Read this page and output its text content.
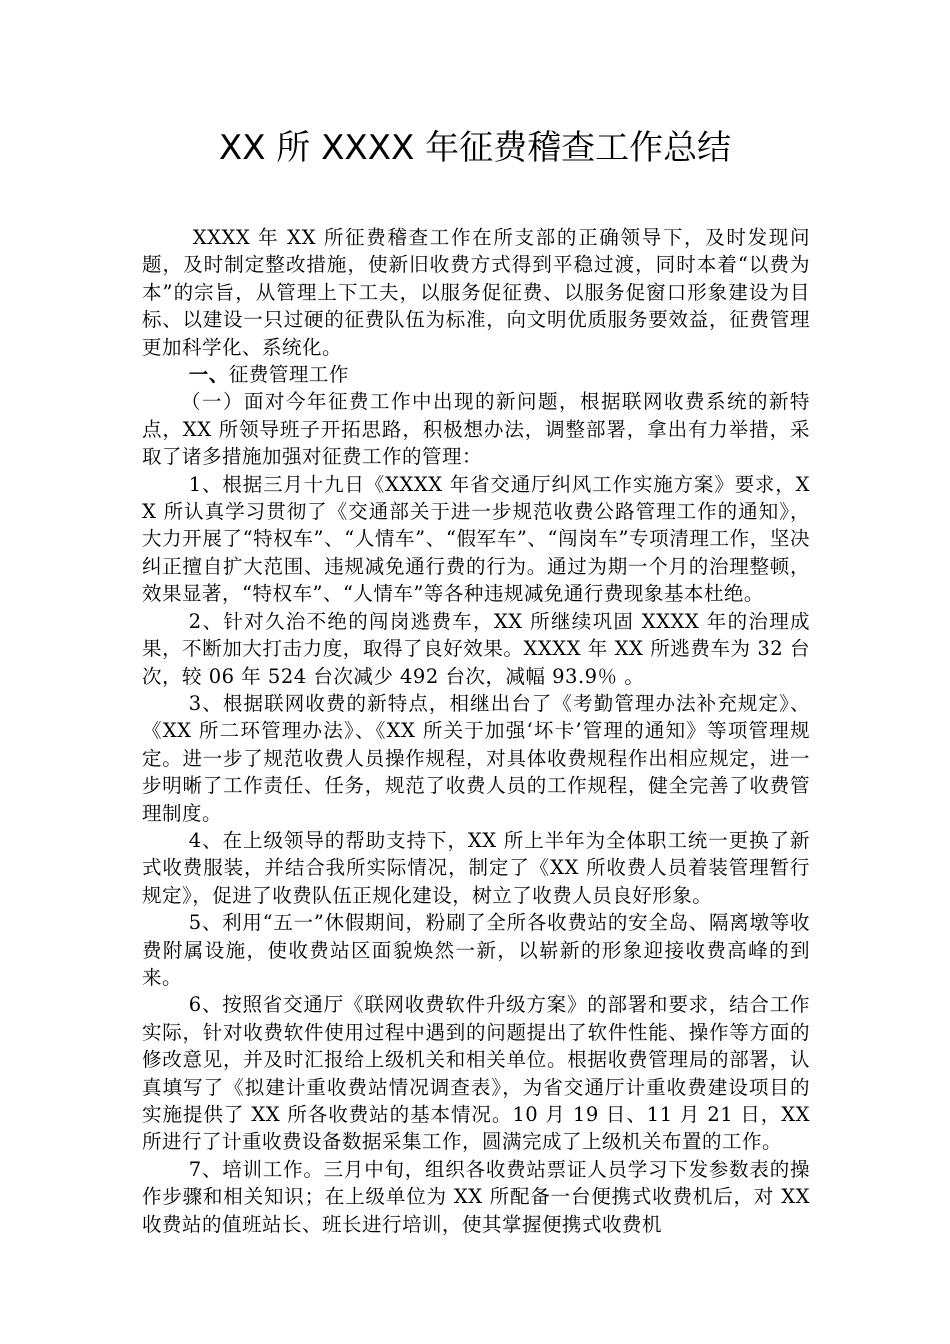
XX 所 XXXX 年征费稽查工作总结

XXXX 年 XX 所征费稽查工作在所支部的正确领导下，及时发现问题，及时制定整改措施，使新旧收费方式得到平稳过渡，同时本着“以费为本”的宗旨，从管理上下工夫，以服务促征费、以服务促窗口形象建设为目标、以建设一只过硬的征费队伍为标准，向文明优质服务要效益，征费管理更加科学化、系统化。

一、征费管理工作

（一）面对今年征费工作中出现的新问题，根据联网收费系统的新特点，XX 所领导班子开拓思路，积极想办法，调整部署，拿出有力举措，采取了诸多措施加强对征费工作的管理：

1、根据三月十九日《XXXX 年省交通厅纠风工作实施方案》要求，XX 所认真学习贯彻了《交通部关于进一步规范收费公路管理工作的通知》，大力开展了“特权车”、“人情车”、“假军车”、“闯岗车”专项清理工作，坚决纠正擅自扩大范围、违规减免通行费的行为。通过为期一个月的治理整顿，效果显著，“特权车”、“人情车”等各种违规减免通行费现象基本杜绝。

2、针对久治不绝的闯岗逃费车，XX 所继续巩固 XXXX 年的治理成果，不断加大打击力度，取得了良好效果。XXXX 年 XX 所逃费车为 32 台次，较 06 年 524 台次减少 492 台次，减幅 93.9％ 。

3、根据联网收费的新特点，相继出台了《考勤管理办法补充规定》、《XX 所二环管理办法》、《XX 所关于加强‘坏卡’管理的通知》等项管理规定。进一步了规范收费人员操作规程，对具体收费规程作出相应规定，进一步明晰了工作责任、任务，规范了收费人员的工作规程，健全完善了收费管理制度。

4、在上级领导的帮助支持下，XX 所上半年为全体职工统一更换了新式收费服装，并结合我所实际情况，制定了《XX 所收费人员着装管理暂行规定》，促进了收费队伍正规化建设，树立了收费人员良好形象。

5、利用“五一”休假期间，粉刷了全所各收费站的安全岛、隔离墩等收费附属设施，使收费站区面貌焕然一新，以崭新的形象迎接收费高峰的到来。

6、按照省交通厅《联网收费软件升级方案》的部署和要求，结合工作实际，针对收费软件使用过程中遇到的问题提出了软件性能、操作等方面的修改意见，并及时汇报给上级机关和相关单位。根据收费管理局的部署，认真填写了《拟建计重收费站情况调查表》，为省交通厅计重收费建设项目的实施提供了 XX 所各收费站的基本情况。10 月 19 日、11 月 21 日，XX 所进行了计重收费设备数据采集工作，圆满完成了上级机关布置的工作。

7、培训工作。三月中旬，组织各收费站票证人员学习下发参数表的操作步骤和相关知识；在上级单位为 XX 所配备一台便携式收费机后，对 XX 收费站的值班站长、班长进行培训，使其掌握便携式收费机
